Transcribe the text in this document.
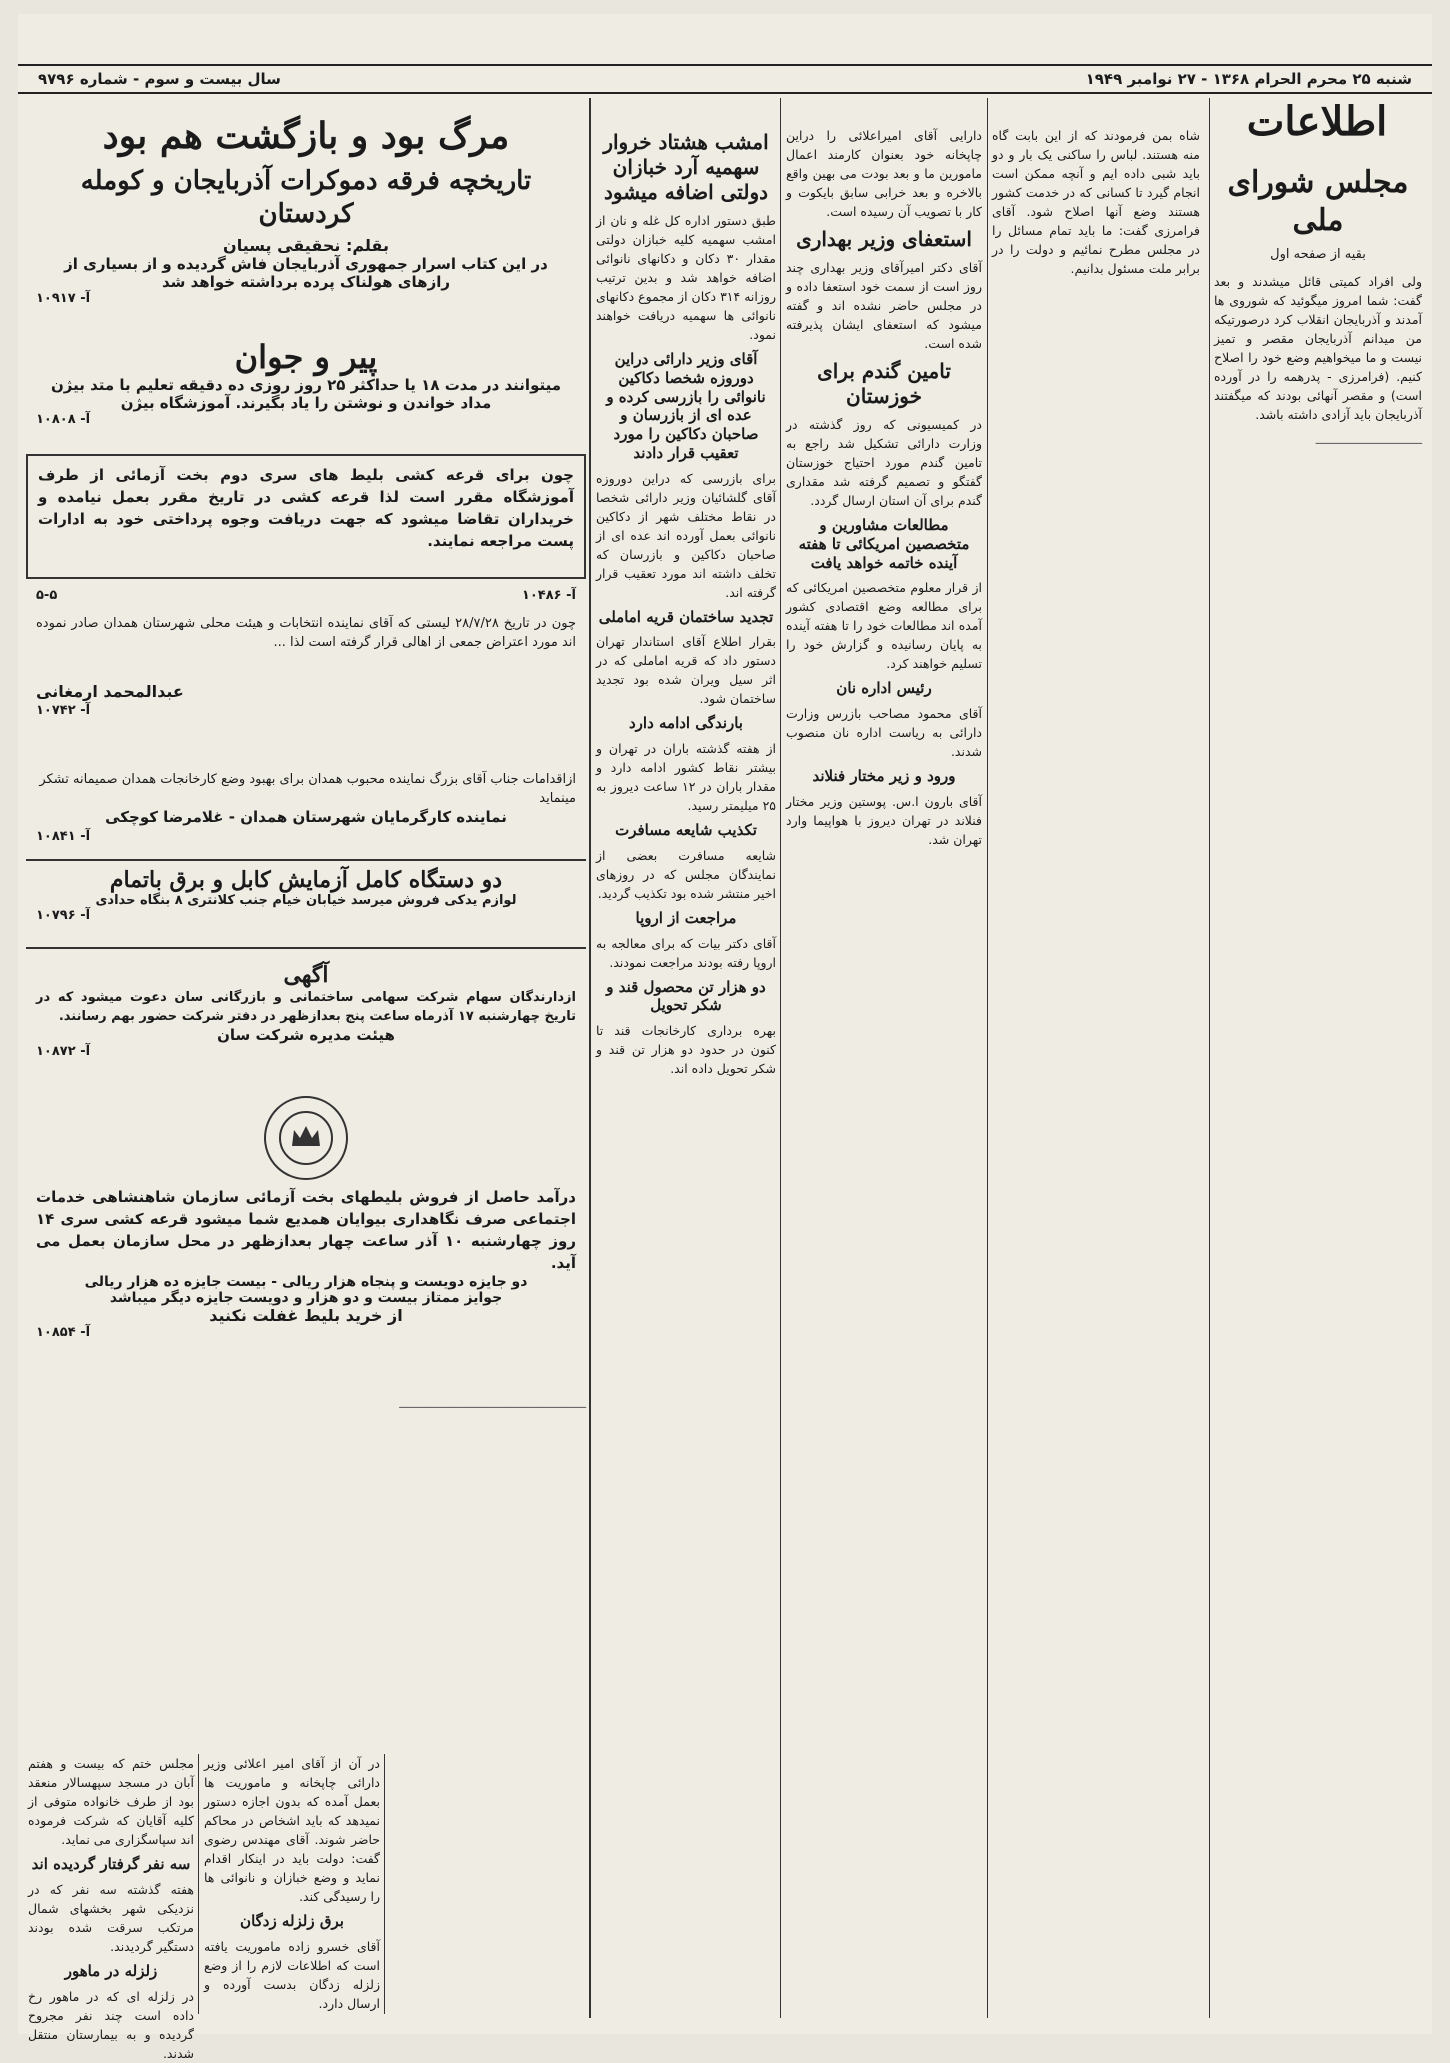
شنبه ۲۵ محرم الحرام ۱۳۶۸ - ۲۷ نوامبر ۱۹۴۹
سال بیست و سوم - شماره ۹۷۹۶
اطلاعات
مجلس شورای ملی
بقیه از صفحه اول

ولی افراد کمیتی قائل میشدند و بعد گفت: شما امروز میگوئید که شوروی ها آمدند و آذربایجان انقلاب کرد درصورتیکه من میدانم آذربایجان مقصر و تمیز نیست و ما میخواهیم وضع خود را اصلاح کنیم. (فرامرزی - پدرهمه را در آورده است) و مقصر آنهائی بودند که میگفتند آذربایجان باید آزادی داشته باشد.

ـــــــــــــــــــــــــــــ

شاه بمن فرمودند که از این بابت گاه منه هستند. لباس را ساکنی یک بار و دو باید شبی داده ایم و آنچه ممکن است انجام گیرد تا کسانی که در خدمت کشور هستند وضع آنها اصلاح شود. آقای فرامرزی گفت: ما باید تمام مسائل را در مجلس مطرح نمائیم و دولت را در برابر ملت مسئول بدانیم.

دارایی آقای امیراعلائی را دراین چاپخانه خود بعنوان کارمند اعمال مامورین ما و بعد بودت می بهین واقع بالاخره و بعد خرابی سابق بایکوت و کار با تصویب آن رسیده است.

استعفای وزیر بهداری

آقای دکتر امیرآقای وزیر بهداری چند روز است از سمت خود استعفا داده و در مجلس حاضر نشده اند و گفته میشود که استعفای ایشان پذیرفته شده است.

تامین گندم برای خوزستان

در کمیسیونی که روز گذشته در وزارت دارائی تشکیل شد راجع به تامین گندم مورد احتیاج خوزستان گفتگو و تصمیم گرفته شد مقداری گندم برای آن استان ارسال گردد.

مطالعات مشاورین و متخصصین امریکائی تا هفته آینده خاتمه خواهد یافت

از قرار معلوم متخصصین امریکائی که برای مطالعه وضع اقتصادی کشور آمده اند مطالعات خود را تا هفته آینده به پایان رسانیده و گزارش خود را تسلیم خواهند کرد.

رئیس اداره نان

آقای محمود مصاحب بازرس وزارت دارائی به ریاست اداره نان منصوب شدند.

ورود و زیر مختار فنلاند

آقای بارون ا.س. پوستین وزیر مختار فنلاند در تهران دیروز با هواپیما وارد تهران شد.

امشب هشتاد خروار سهمیه آرد خبازان دولتی اضافه میشود

طبق دستور اداره کل غله و نان از امشب سهمیه کلیه خبازان دولتی مقدار ۳۰ دکان و دکانهای نانوائی اضافه خواهد شد و بدین ترتیب روزانه ۳۱۴ دکان از مجموع دکانهای نانوائی ها سهمیه دریافت خواهند نمود.

آقای وزیر دارائی دراین دوروزه شخصا دکاکین نانوائی را بازرسی کرده و عده ای از بازرسان و صاحبان دکاکین را مورد تعقیب قرار دادند

برای بازرسی که دراین دوروزه آقای گلشائیان وزیر دارائی شخصا در نقاط مختلف شهر از دکاکین نانوائی بعمل آورده اند عده ای از صاحبان دکاکین و بازرسان که تخلف داشته اند مورد تعقیب قرار گرفته اند.

تجدید ساختمان قریه اماملی

بقرار اطلاع آقای استاندار تهران دستور داد که قریه اماملی که در اثر سیل ویران شده بود تجدید ساختمان شود.

بارندگی ادامه دارد

از هفته گذشته باران در تهران و بیشتر نقاط کشور ادامه دارد و مقدار باران در ۱۲ ساعت دیروز به ۲۵ میلیمتر رسید.

تکذیب شایعه مسافرت

شایعه مسافرت بعضی از نمایندگان مجلس که در روزهای اخیر منتشر شده بود تکذیب گردید.

مراجعت از اروپا

آقای دکتر بیات که برای معالجه به اروپا رفته بودند مراجعت نمودند.

دو هزار تن محصول قند و شکر تحویل

بهره برداری کارخانجات قند تا کنون در حدود دو هزار تن قند و شکر تحویل داده اند.

مرگ بود و بازگشت هم بود
تاریخچه فرقه دموکرات آذربایجان و کومله کردستان
بقلم: نحقیقی پسیان
در این کتاب اسرار جمهوری آذربایجان فاش گردیده و از بسیاری از رازهای هولناک پرده برداشته خواهد شد
آ- ۱۰۹۱۷
پیر و جوان
میتوانند در مدت ۱۸ یا حداکثر ۲۵ روز روزی ده دقیقه تعلیم با متد بیژن مداد خواندن و نوشتن را یاد بگیرند. آموزشگاه بیژن
آ- ۱۰۸۰۸
چون برای قرعه کشی بلیط های سری دوم بخت آزمائی از طرف آموزشگاه مقرر است لذا قرعه کشی در تاریخ مقرر بعمل نیامده و خریداران تقاضا میشود که جهت دریافت وجوه پرداختی خود به ادارات پست مراجعه نمایند.
۵-۵	آ- ۱۰۴۸۶
چون در تاریخ ۲۸/۷/۲۸ لیستی که آقای نماینده انتخابات و هیئت محلی شهرستان همدان صادر نموده اند مورد اعتراض جمعی از اهالی قرار گرفته است لذا ...
عبدالمحمد ارمغانی
آ- ۱۰۷۴۲
ازاقدامات جناب آقای بزرگ‌ نماینده محبوب همدان برای بهبود وضع کارخانجات همدان صمیمانه تشکر مینماید
نماینده کارگرمایان شهرستان همدان - غلامرضا کوچکی
آ- ۱۰۸۴۱
دو دستگاه کامل آزمایش کابل و برق باتمام
لوازم یدکی فروش میرسد خیابان خیام جنب کلانتری ۸ بنگاه حدادی
آ- ۱۰۷۹۶
آگهی
ازدارندگان سهام شرکت سهامی ساختمانی و بازرگانی سان دعوت میشود که در تاریخ چهارشنبه ۱۷ آذرماه ساعت پنج بعدازظهر در دفتر شرکت حضور بهم رسانند.
هیئت مدیره شرکت سان
آ- ۱۰۸۷۲
درآمد حاصل از فروش بلیطهای بخت آزمائی سازمان شاهنشاهی خدمات اجتماعی صرف نگاهداری بیوایان همدیع شما میشود قرعه کشی سری ۱۴ روز چهارشنبه ۱۰ آذر ساعت چهار بعدازظهر در محل سازمان بعمل می آید.
دو جایزه دویست و پنجاه هزار ریالی - بیست جایزه ده هزار ریالی
جوایز ممتاز بیست و دو هزار و دویست جایزه دیگر میباشد
از خرید بلیط غفلت نکنید
آ- ۱۰۸۵۴

در آن از آقای امیر اعلائی وزیر دارائی چاپخانه و ماموریت ها بعمل آمده که بدون اجازه دستور نمیدهد که باید اشخاص در محاکم حاضر شوند. آقای مهندس رضوی گفت: دولت باید در اینکار اقدام نماید و وضع خبازان و نانوائی ها را رسیدگی کند.

برق زلزله زدگان

آقای خسرو زاده ماموریت یافته است که اطلاعات لازم را از وضع زلزله زدگان بدست آورده و ارسال دارد.

مجلس ختم که بیست و هفتم آبان در مسجد سپهسالار منعقد بود از طرف خانواده متوفی از کلیه آقایان که شرکت فرموده اند سپاسگزاری می نماید.

سه نفر گرفتار گردیده اند

هفته گذشته سه نفر که در نزدیکی شهر بخشهای شمال مرتکب سرقت شده بودند دستگیر گردیدند.

زلزله در ماهور

در زلزله ای که در ماهور رخ داده است چند نفر مجروح گردیده و به بیمارستان منتقل شدند.

ـــــــــــــــــــــــــــــــــــــــــــــــــــ
